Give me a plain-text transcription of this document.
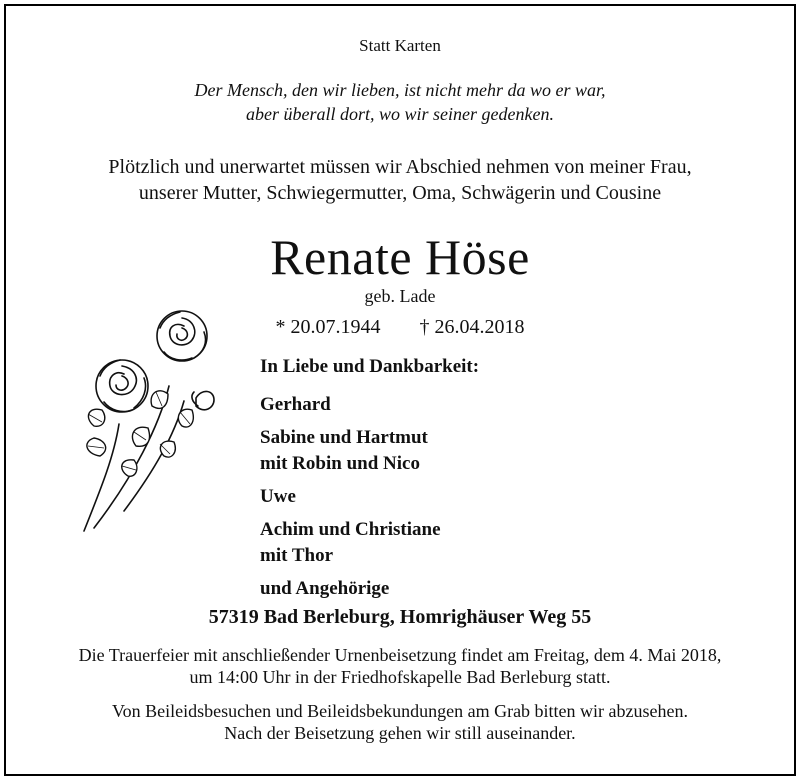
Statt Karten
Der Mensch, den wir lieben, ist nicht mehr da wo er war,
aber überall dort, wo wir seiner gedenken.
Plötzlich und unerwartet müssen wir Abschied nehmen von meiner Frau,
unserer Mutter, Schwiegermutter, Oma, Schwägerin und Cousine
Renate Höse
geb. Lade
* 20.07.1944 † 26.04.2018
In Liebe und Dankbarkeit:
Gerhard
Sabine und Hartmut
mit Robin und Nico
Uwe
Achim und Christiane
mit Thor
und Angehörige
57319 Bad Berleburg, Homrighäuser Weg 55
Die Trauerfeier mit anschließender Urnenbeisetzung findet am Freitag, dem 4. Mai 2018,
um 14:00 Uhr in der Friedhofskapelle Bad Berleburg statt.
Von Beileidsbesuchen und Beileidsbekundungen am Grab bitten wir abzusehen.
Nach der Beisetzung gehen wir still auseinander.
